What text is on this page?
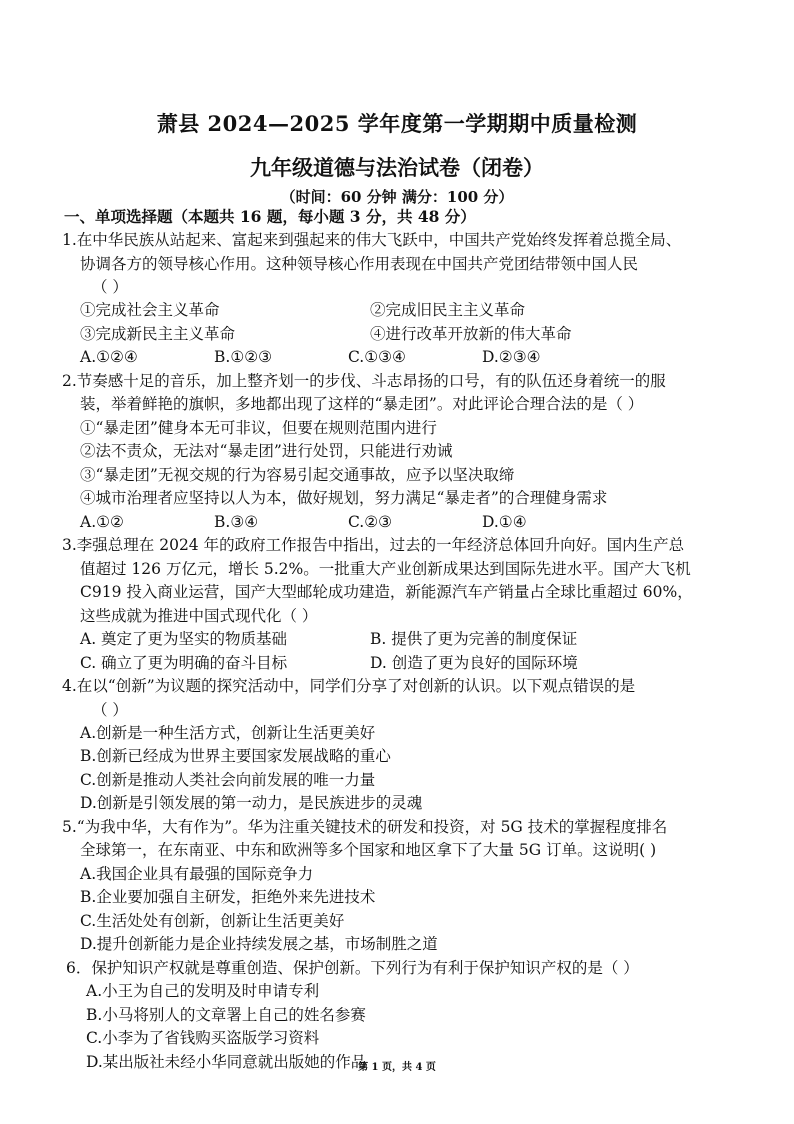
萧县 2024—2025 学年度第一学期期中质量检测
九年级道德与法治试卷（闭卷）
（时间：60 分钟 满分：100 分）
一、单项选择题（本题共 16 题，每小题 3 分，共 48 分）
1.在中华民族从站起来、富起来到强起来的伟大飞跃中，中国共产党始终发挥着总揽全局、
协调各方的领导核心作用。这种领导核心作用表现在中国共产党团结带领中国人民
（ ）
①完成社会主义革命	②完成旧民主主义革命
③完成新民主主义革命	④进行改革开放新的伟大革命
A.①②④	B.①②③	C.①③④	D.②③④
2.节奏感十足的音乐，加上整齐划一的步伐、斗志昂扬的口号，有的队伍还身着统一的服
装，举着鲜艳的旗帜，多地都出现了这样的“暴走团”。对此评论合理合法的是（ ）
①“暴走团”健身本无可非议，但要在规则范围内进行
②法不责众，无法对“暴走团”进行处罚，只能进行劝诫
③“暴走团”无视交规的行为容易引起交通事故，应予以坚决取缔
④城市治理者应坚持以人为本，做好规划，努力满足“暴走者”的合理健身需求
A.①②	B.③④	C.②③	D.①④
3.李强总理在 2024 年的政府工作报告中指出，过去的一年经济总体回升向好。国内生产总
值超过 126 万亿元，增长 5.2%。一批重大产业创新成果达到国际先进水平。国产大飞机
C919 投入商业运营，国产大型邮轮成功建造，新能源汽车产销量占全球比重超过 60%，
这些成就为推进中国式现代化（ ）
A. 奠定了更为坚实的物质基础	B. 提供了更为完善的制度保证
C. 确立了更为明确的奋斗目标	D. 创造了更为良好的国际环境
4.在以“创新”为议题的探究活动中，同学们分享了对创新的认识。以下观点错误的是
（ ）
A.创新是一种生活方式，创新让生活更美好
B.创新已经成为世界主要国家发展战略的重心
C.创新是推动人类社会向前发展的唯一力量
D.创新是引领发展的第一动力，是民族进步的灵魂
5.“为我中华，大有作为”。华为注重关键技术的研发和投资，对 5G 技术的掌握程度排名
全球第一，在东南亚、中东和欧洲等多个国家和地区拿下了大量 5G 订单。这说明( )
A.我国企业具有最强的国际竞争力
B.企业要加强自主研发，拒绝外来先进技术
C.生活处处有创新，创新让生活更美好
D.提升创新能力是企业持续发展之基，市场制胜之道
6．保护知识产权就是尊重创造、保护创新。下列行为有利于保护知识产权的是（ ）
A.小王为自己的发明及时申请专利
B.小马将别人的文章署上自己的姓名参赛
C.小李为了省钱购买盗版学习资料
D.某出版社未经小华同意就出版她的作品
第 1 页，共 4 页
